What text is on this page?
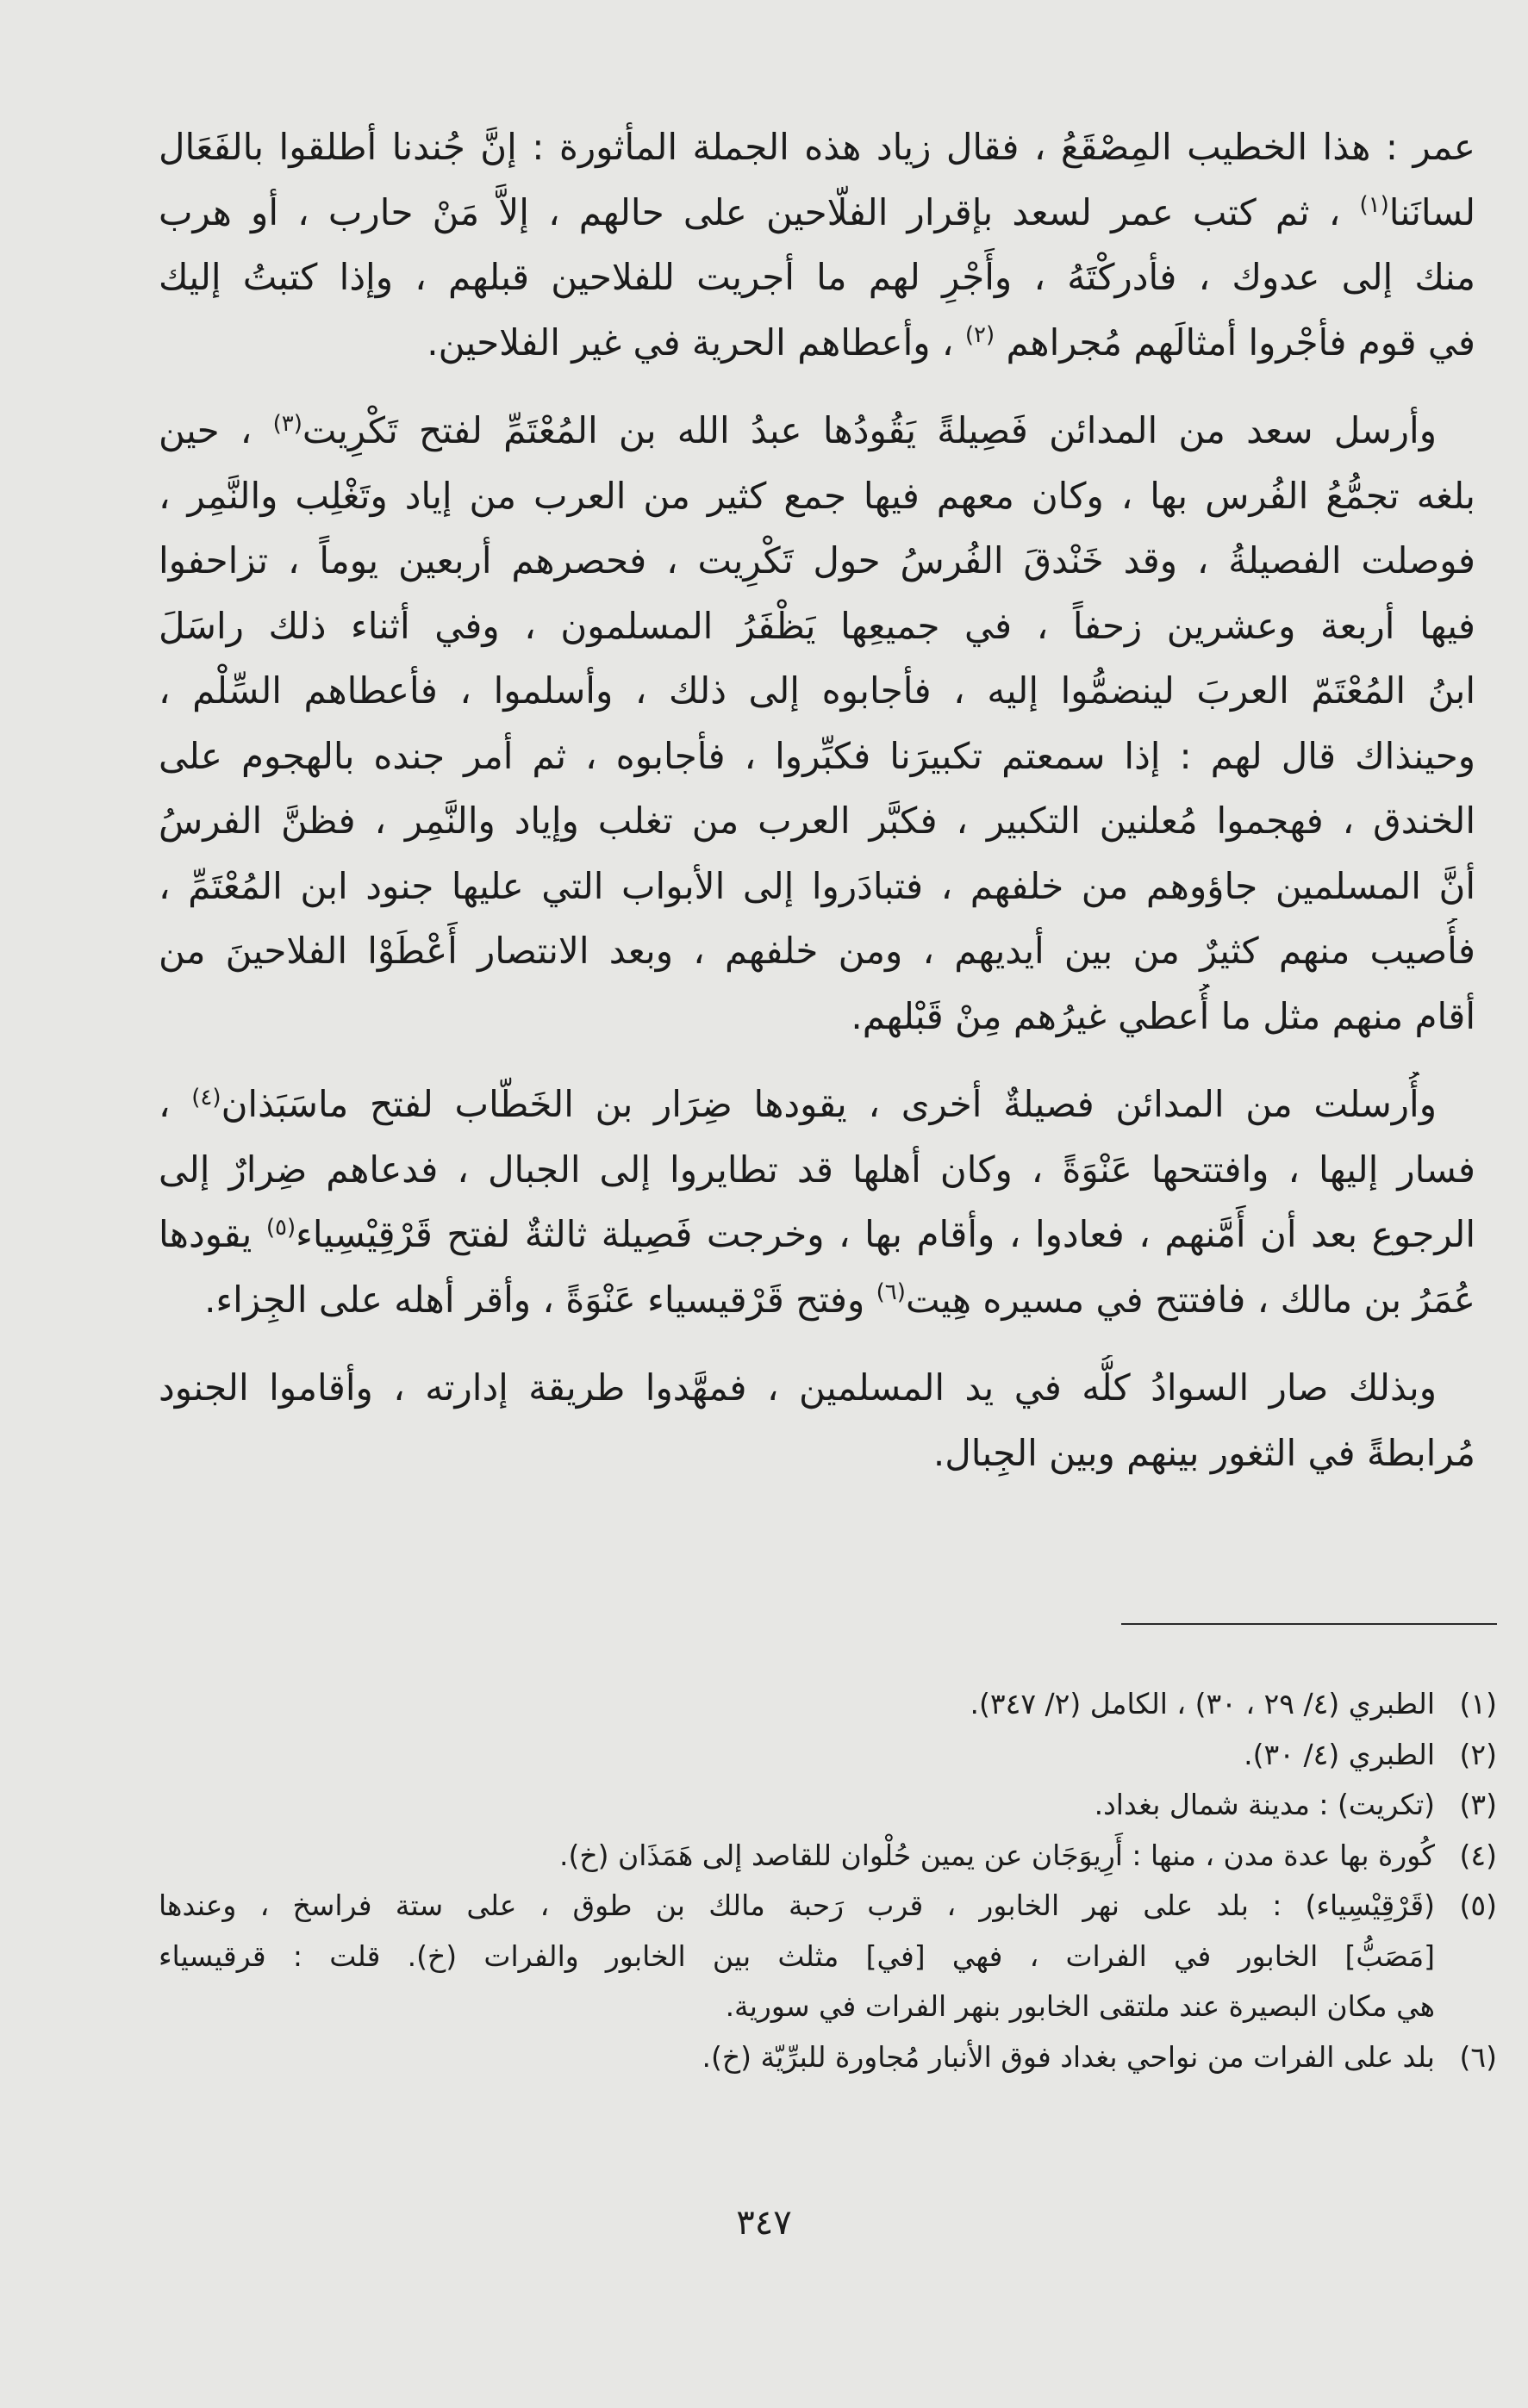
عمر : هذا الخطيب المِصْقَعُ ، فقال زياد هذه الجملة المأثورة : إنَّ جُندنا أطلقوا بالفَعَال
لسانَنا$^{(١)}$ ، ثم كتب عمر لسعد بإقرار الفلّاحين على حالهم ، إلاَّ مَنْ حارب ، أو هرب
منك إلى عدوك ، فأدركْتَهُ ، وأَجْرِ لهم ما أجريت للفلاحين قبلهم ، وإذا كتبتُ إليك
في قوم فأجْروا أمثالَهم مُجراهم $^{(٢)}$ ، وأعطاهم الحرية في غير الفلاحين.
وأرسل سعد من المدائن فَصِيلةً يَقُودُها عبدُ الله بن المُعْتَمِّ لفتح تَكْرِيت$^{(٣)}$ ، حين
بلغه تجمُّعُ الفُرس بها ، وكان معهم فيها جمع كثير من العرب من إياد وتَغْلِب والنَّمِر ،
فوصلت الفصيلةُ ، وقد خَنْدقَ الفُرسُ حول تَكْرِيت ، فحصرهم أربعين يوماً ، تزاحفوا
فيها أربعة وعشرين زحفاً ، في جميعِها يَظْفَرُ المسلمون ، وفي أثناء ذلك راسَلَ
ابنُ المُعْتَمّ العربَ لينضمُّوا إليه ، فأجابوه إلى ذلك ، وأسلموا ، فأعطاهم السِّلْم ،
وحينذاك قال لهم : إذا سمعتم تكبيرَنا فكبِّروا ، فأجابوه ، ثم أمر جنده بالهجوم على
الخندق ، فهجموا مُعلنين التكبير ، فكبَّر العرب من تغلب وإياد والنَّمِر ، فظنَّ الفرسُ
أنَّ المسلمين جاؤوهم من خلفهم ، فتبادَروا إلى الأبواب التي عليها جنود ابن المُعْتَمِّ ،
فأُصيب منهم كثيرٌ من بين أيديهم ، ومن خلفهم ، وبعد الانتصار أَعْطَوْا الفلاحينَ من
أقام منهم مثل ما أُعطي غيرُهم مِنْ قَبْلهم.
وأُرسلت من المدائن فصيلةٌ أخرى ، يقودها ضِرَار بن الخَطّاب لفتح ماسَبَذان$^{(٤)}$ ،
فسار إليها ، وافتتحها عَنْوَةً ، وكان أهلها قد تطايروا إلى الجبال ، فدعاهم ضِرارٌ إلى
الرجوع بعد أن أَمَّنهم ، فعادوا ، وأقام بها ، وخرجت فَصِيلة ثالثةٌ لفتح قَرْقِيْسِياء$^{(٥)}$ يقودها
عُمَرُ بن مالك ، فافتتح في مسيره هِيت$^{(٦)}$ وفتح قَرْقيسياء عَنْوَةً ، وأقر أهله على الجِزاء.
وبذلك صار السوادُ كلُّه في يد المسلمين ، فمهَّدوا طريقة إدارته ، وأقاموا الجنود
مُرابطةً في الثغور بينهم وبين الجِبال.
(١)
الطبري (٤/ ٢٩ ، ٣٠) ، الكامل (٢/ ٣٤٧).
(٢)
الطبري (٤/ ٣٠).
(٣)
(تكريت) : مدينة شمال بغداد.
(٤)
كُورة بها عدة مدن ، منها : أَرِيوَجَان عن يمين حُلْوان للقاصد إلى هَمَذَان (خ).
(٥)
(قَرْقِيْسِياء) : بلد على نهر الخابور ، قرب رَحبة مالك بن طوق ، على ستة فراسخ ، وعندها
[مَصَبُّ] الخابور في الفرات ، فهي [في] مثلث بين الخابور والفرات (خ). قلت : قرقيسياء
هي مكان البصيرة عند ملتقى الخابور بنهر الفرات في سورية.
(٦)
بلد على الفرات من نواحي بغداد فوق الأنبار مُجاورة للبرِّيّة (خ).
٣٤٧
